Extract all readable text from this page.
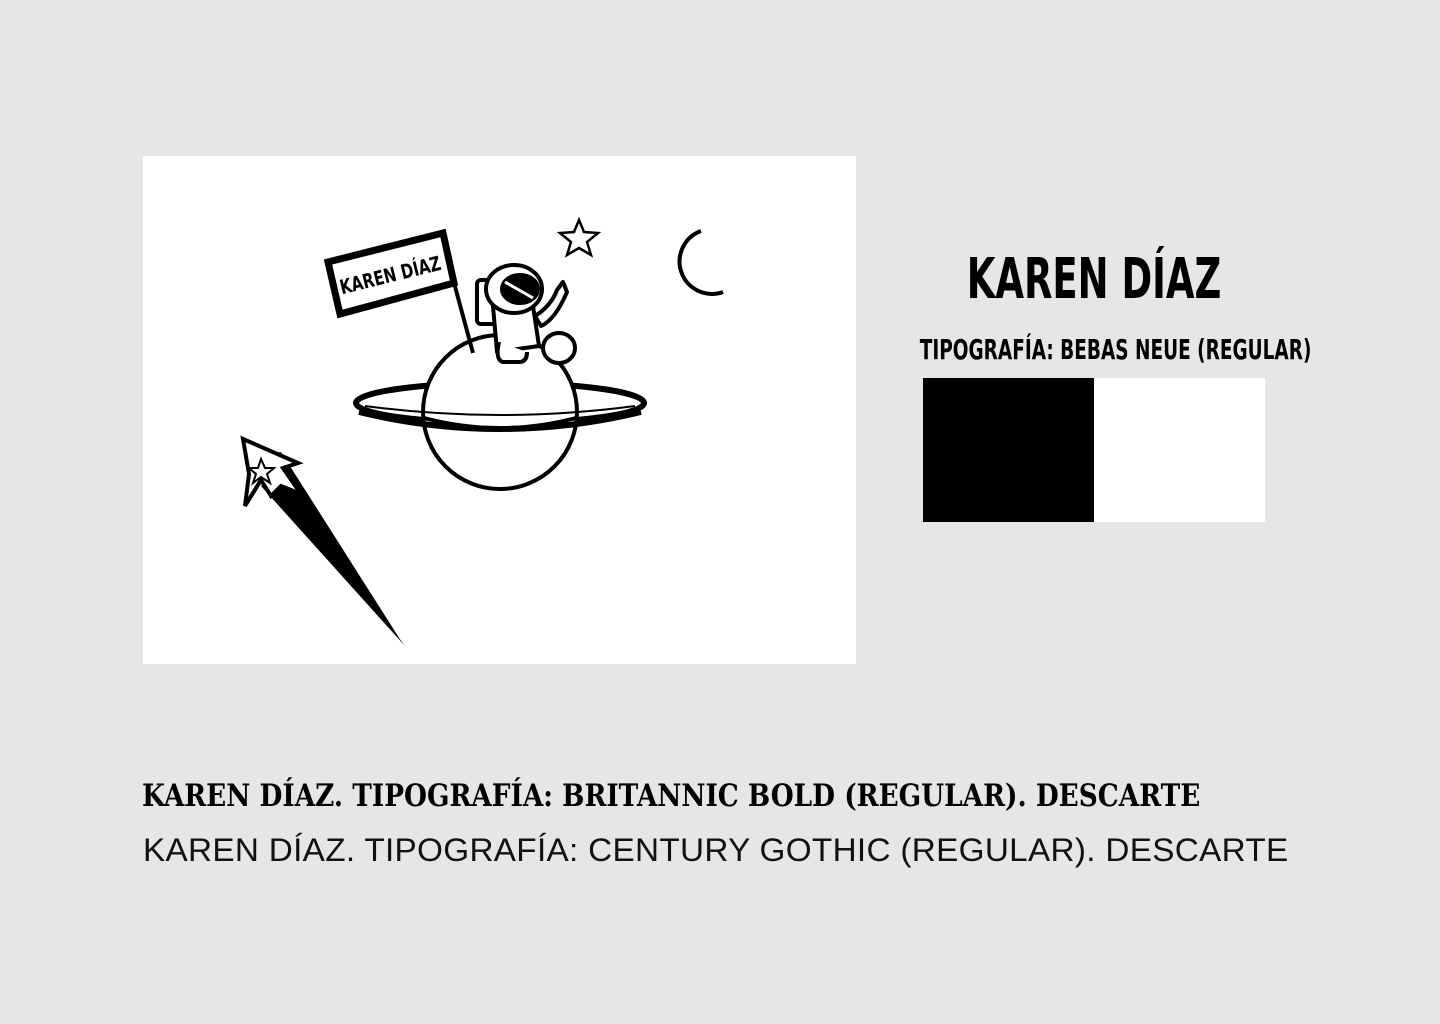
KAREN DÍAZ	KAREN DÍAZ
TIPOGRAFÍA: BEBAS NEUE (REGULAR)
KAREN DÍAZ. TIPOGRAFÍA: BRITANNIC BOLD (REGULAR). DESCARTE
KAREN DÍAZ. TIPOGRAFÍA: CENTURY GOTHIC (REGULAR). DESCARTE
